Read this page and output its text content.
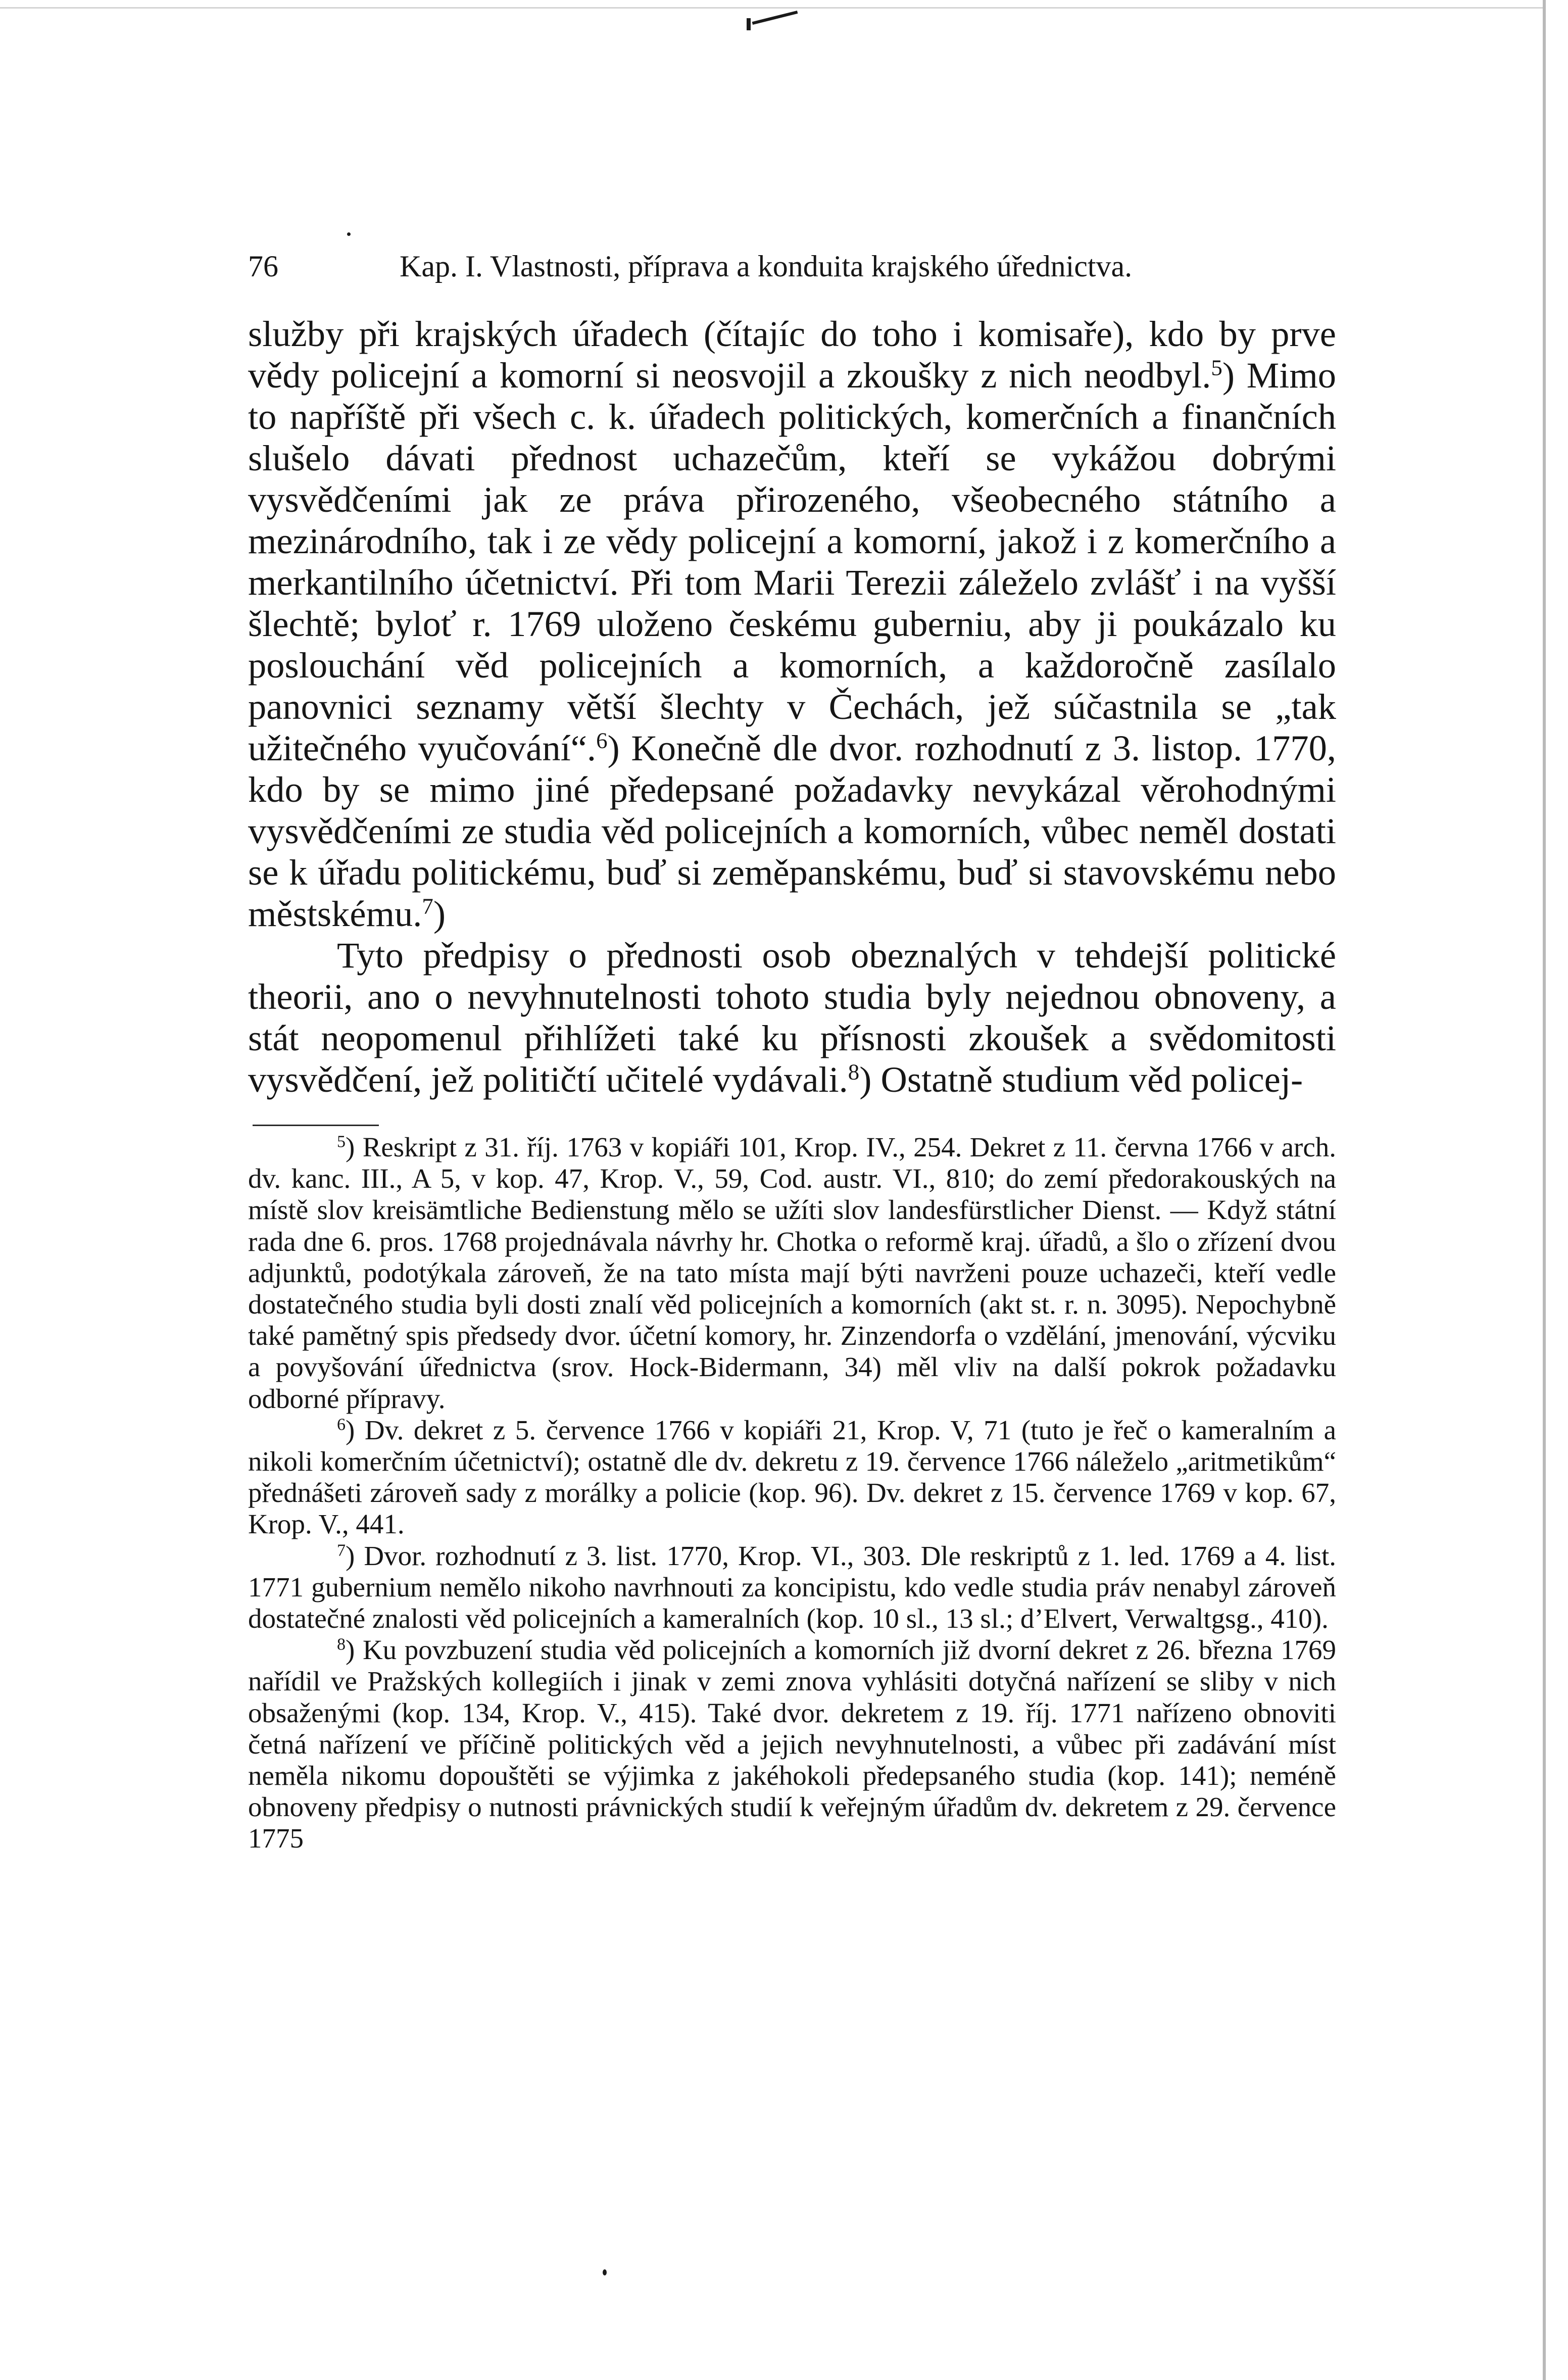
76	Kap. I. Vlastnosti, příprava a konduita krajského úřednictva.

služby při krajských úřadech (čítajíc do toho i komisaře), kdo by prve vědy policejní a komorní si neosvojil a zkoušky z nich neodbyl.$^5$) Mimo to napříště při všech c. k. úřadech politických, komerčních a finančních slušelo dávati přednost uchazečům, kteří se vykážou dobrými vysvědčeními jak ze práva přirozeného, všeobecného státního a mezinárodního, tak i ze vědy policejní a komorní, jakož i z komerčního a merkantilního účetnictví. Při tom Marii Terezii záleželo zvlášť i na vyšší šlechtě; byloť r. 1769 uloženo českému guberniu, aby ji poukázalo ku poslouchání věd policejních a komorních, a každoročně zasílalo panovnici seznamy větší šlechty v Čechách, jež súčastnila se „tak užitečného vyučování“.$^6$) Konečně dle dvor. rozhodnutí z 3. listop. 1770, kdo by se mimo jiné předepsané požadavky nevykázal věrohodnými vysvědčeními ze studia věd policejních a komorních, vůbec neměl dostati se k úřadu politickému, buď si zeměpanskému, buď si stavovskému nebo městskému.$^7$)

Tyto předpisy o přednosti osob obeznalých v tehdejší politické theorii, ano o nevyhnutelnosti tohoto studia byly nejednou obnoveny, a stát neopomenul přihlížeti také ku přísnosti zkoušek a svědomitosti vysvědčení, jež političtí učitelé vydávali.$^8$) Ostatně studium věd policej-

$^5$) Reskript z 31. říj. 1763 v kopiáři 101, Krop. IV., 254. Dekret z 11. června 1766 v arch. dv. kanc. III., A 5, v kop. 47, Krop. V., 59, Cod. austr. VI., 810; do zemí předorakouských na místě slov kreisämtliche Bedienstung mělo se užíti slov landesfürstlicher Dienst. — Když státní rada dne 6. pros. 1768 projednávala návrhy hr. Chotka o reformě kraj. úřadů, a šlo o zřízení dvou adjunktů, podotýkala zároveň, že na tato místa mají býti navrženi pouze uchazeči, kteří vedle dostatečného studia byli dosti znalí věd policejních a komorních (akt st. r. n. 3095). Nepochybně také pamětný spis předsedy dvor. účetní komory, hr. Zinzendorfa o vzdělání, jmenování, výcviku a povyšování úřednictva (srov. Hock-Bidermann, 34) měl vliv na další pokrok požadavku odborné přípravy.

$^6$) Dv. dekret z 5. července 1766 v kopiáři 21, Krop. V, 71 (tuto je řeč o kameralním a nikoli komerčním účetnictví); ostatně dle dv. dekretu z 19. července 1766 náleželo „aritmetikům“ přednášeti zároveň sady z morálky a policie (kop. 96). Dv. dekret z 15. července 1769 v kop. 67, Krop. V., 441.

$^7$) Dvor. rozhodnutí z 3. list. 1770, Krop. VI., 303. Dle reskriptů z 1. led. 1769 a 4. list. 1771 gubernium nemělo nikoho navrhnouti za koncipistu, kdo vedle studia práv nenabyl zároveň dostatečné znalosti věd policejních a kameralních (kop. 10 sl., 13 sl.; d’Elvert, Verwaltgsg., 410).

$^8$) Ku povzbuzení studia věd policejních a komorních již dvorní dekret z 26. března 1769 nařídil ve Pražských kollegiích i jinak v zemi znova vyhlásiti dotyčná nařízení se sliby v nich obsaženými (kop. 134, Krop. V., 415). Také dvor. dekretem z 19. říj. 1771 nařízeno obnoviti četná nařízení ve příčině politických věd a jejich nevyhnutelnosti, a vůbec při zadávání míst neměla nikomu dopouštěti se výjimka z jakéhokoli předepsaného studia (kop. 141); neméně obnoveny předpisy o nutnosti právnických studií k veřejným úřadům dv. dekretem z 29. července 1775
